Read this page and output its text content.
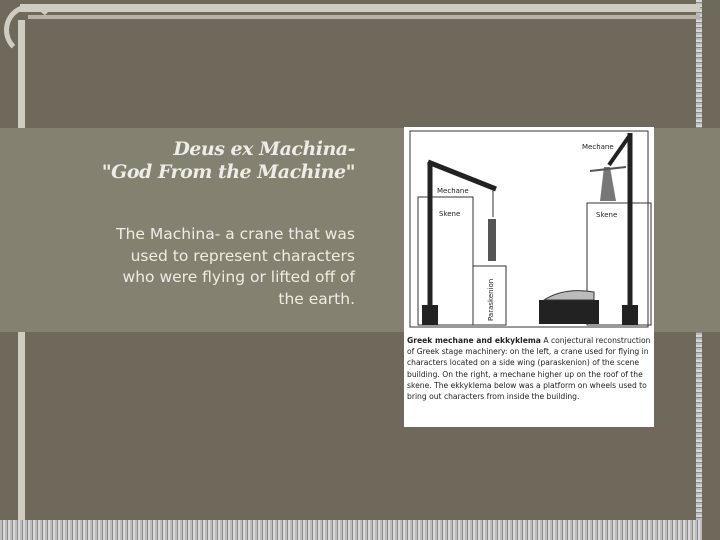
Deus ex Machina-
"God From the Machine"
The Machina- a crane that was used to represent characters who were flying or lifted off of the earth.
Mechane
Mechane
Skene	Skene
Paraskenion
Greek mechane and ekkyklema A conjectural reconstruction of Greek stage machinery: on the left, a crane used for flying in characters located on a side wing (paraskenion) of the scene building. On the right, a mechane higher up on the roof of the skene. The ekkyklema below was a platform on wheels used to bring out characters from inside the building.
